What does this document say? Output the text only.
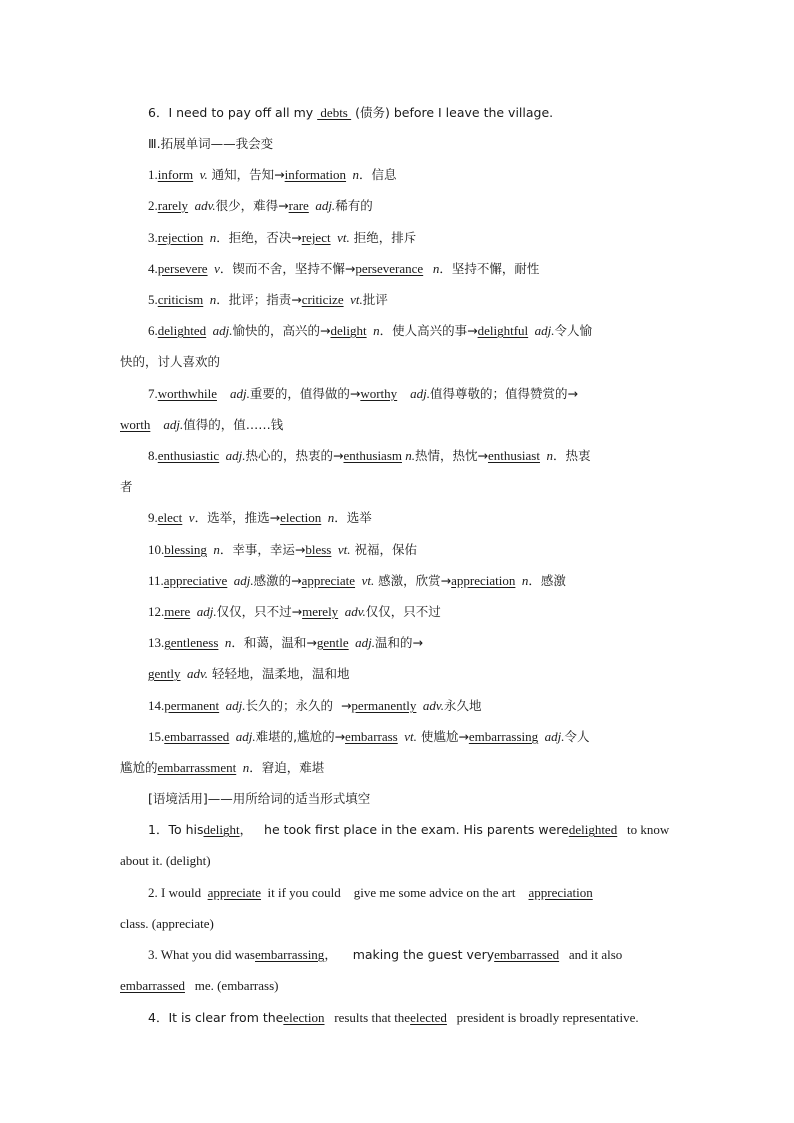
6．I need to pay off all my  debts  (债务) before I leave the village.
Ⅲ.拓展单词——我会变
1.inform v. 通知，告知→information n．信息
2.rarely adv.很少，难得→rare adj.稀有的
3.rejection n．拒绝，否决→reject vt. 拒绝，排斥
4.persevere v．锲而不舍，坚持不懈→perseverance n．坚持不懈，耐性
5.criticism n．批评；指责→criticize vt.批评
6.delighted adj.愉快的，高兴的→delight n．使人高兴的事→delightful adj.令人愉
快的，讨人喜欢的
7.worthwhile adj.重要的，值得做的→worthy adj.值得尊敬的；值得赞赏的→
worth adj.值得的，值……钱
8.enthusiastic adj.热心的，热衷的→enthusiasm n.热情，热忱→enthusiast n．热衷
者
9.elect v．选举，推选→election n．选举
10.blessing n．幸事，幸运→bless vt. 祝福，保佑
11.appreciative adj.感激的→appreciate vt. 感激，欣赏→appreciation n．感激
12.mere adj.仅仅，只不过→merely adv.仅仅，只不过
13.gentleness n．和蔼，温和→gentle adj.温和的→
gently adv. 轻轻地，温柔地，温和地
14.permanent adj.长久的；永久的  →permanently adv.永久地
15.embarrassed adj.难堪的,尴尬的→embarrass vt. 使尴尬→embarrassing adj.令人
尴尬的embarrassment n．窘迫，难堪
[语境活用]——用所给词的适当形式填空
1．To hisdelight，   he took first place in the exam. His parents weredelighted   to know
about it. (delight)
2. I would  appreciate  it if you could    give me some advice on the art    appreciation
class. (appreciate)
3. What you did wasembarrassing，    making the guest veryembarrassed   and it also
embarrassed   me. (embarrass)
4．It is clear from theelection   results that theelected   president is broadly representative.
